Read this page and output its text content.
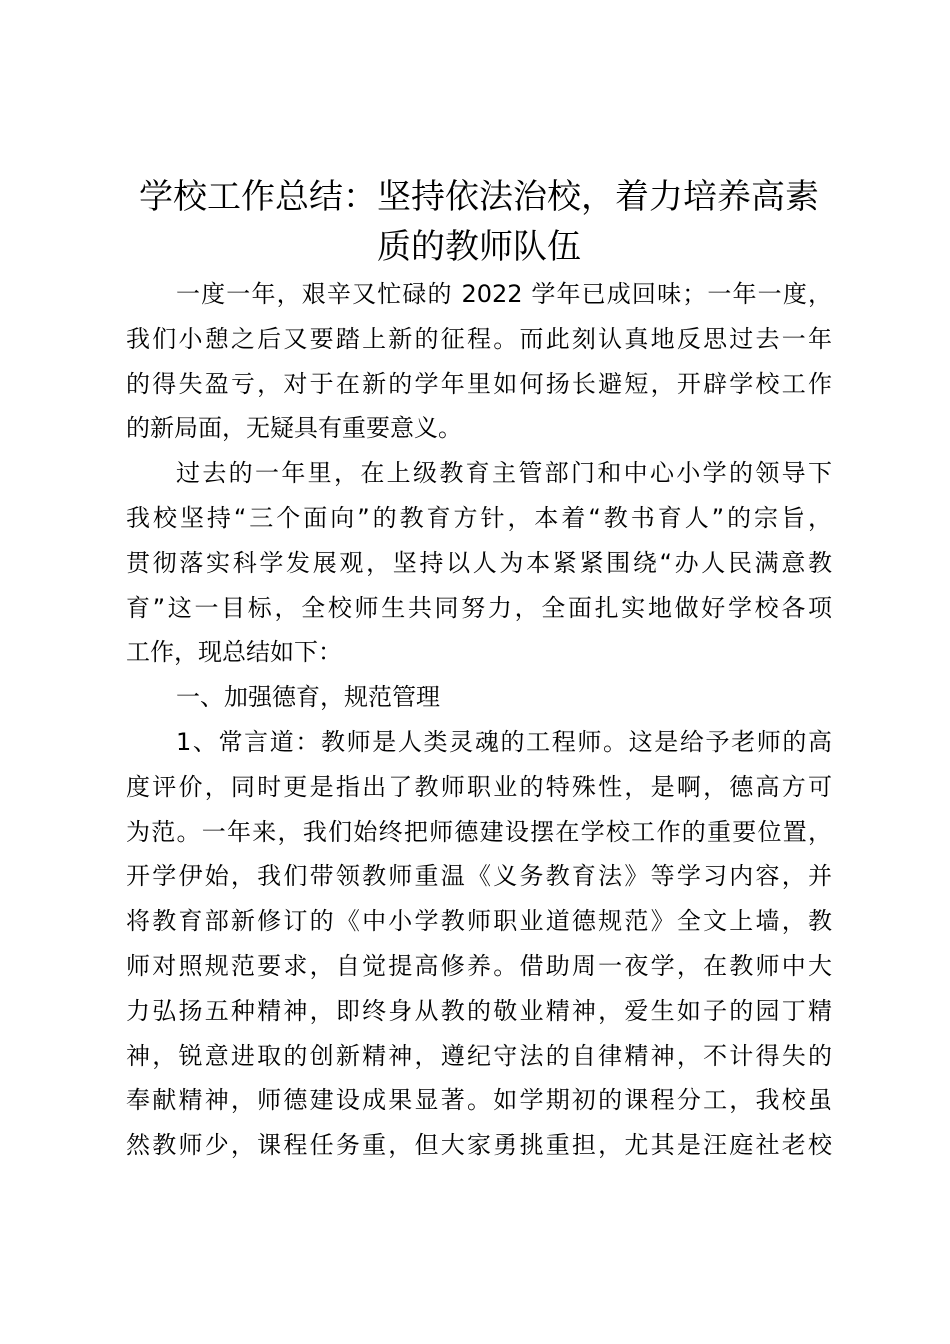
学校工作总结：坚持依法治校，着力培养高素
质的教师队伍
一度一年，艰辛又忙碌的 2022 学年已成回味；一年一度，
我们小憩之后又要踏上新的征程。而此刻认真地反思过去一年
的得失盈亏，对于在新的学年里如何扬长避短，开辟学校工作
的新局面，无疑具有重要意义。
过去的一年里，在上级教育主管部门和中心小学的领导下
我校坚持“三个面向”的教育方针，本着“教书育人”的宗旨，
贯彻落实科学发展观，坚持以人为本紧紧围绕“办人民满意教
育”这一目标，全校师生共同努力，全面扎实地做好学校各项
工作，现总结如下：
一、加强德育，规范管理
1、常言道：教师是人类灵魂的工程师。这是给予老师的高
度评价，同时更是指出了教师职业的特殊性，是啊，德高方可
为范。一年来，我们始终把师德建设摆在学校工作的重要位置，
开学伊始，我们带领教师重温《义务教育法》等学习内容，并
将教育部新修订的《中小学教师职业道德规范》全文上墙，教
师对照规范要求，自觉提高修养。借助周一夜学，在教师中大
力弘扬五种精神，即终身从教的敬业精神，爱生如子的园丁精
神，锐意进取的创新精神，遵纪守法的自律精神，不计得失的
奉献精神，师德建设成果显著。如学期初的课程分工，我校虽
然教师少，课程任务重，但大家勇挑重担，尤其是汪庭社老校
